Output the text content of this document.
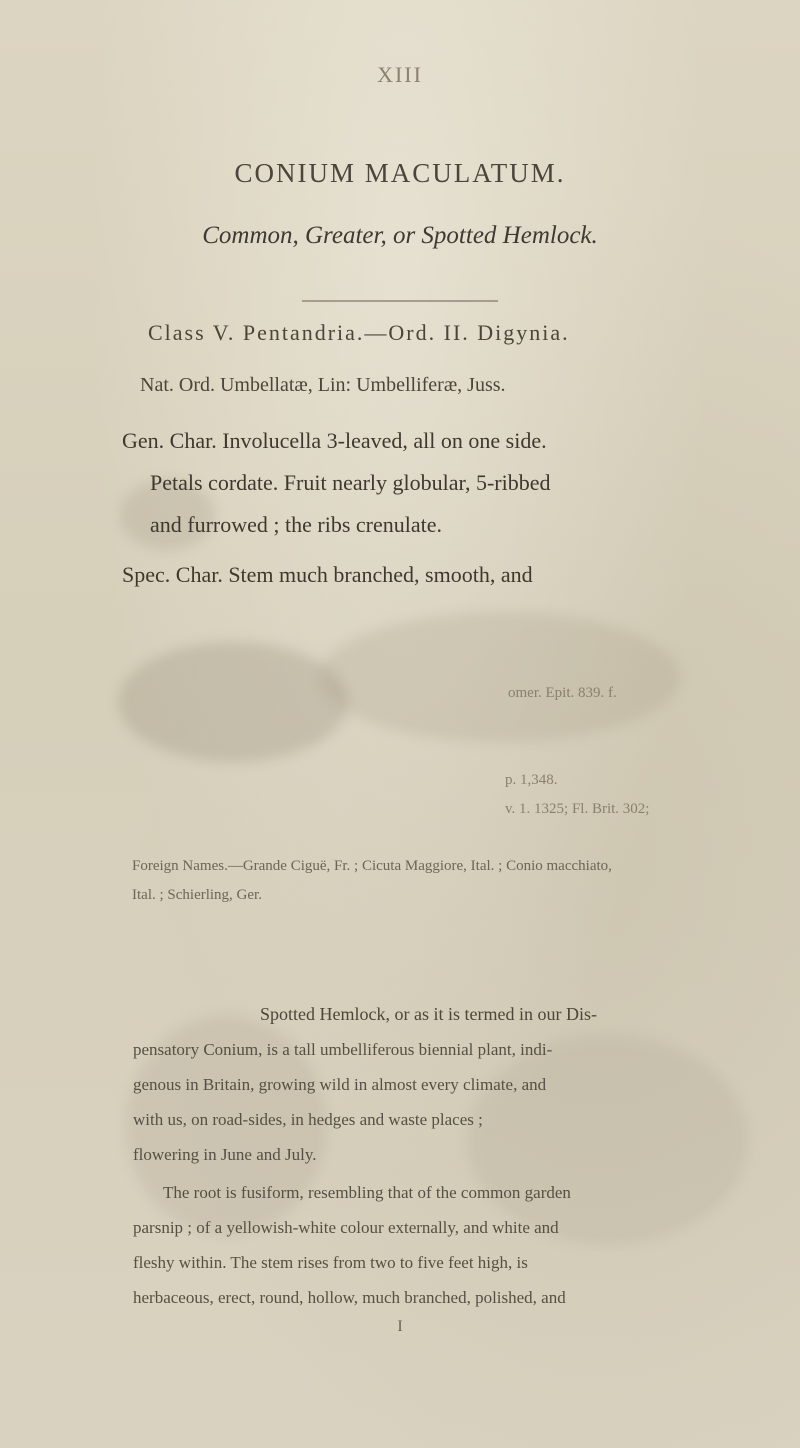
XIII
CONIUM MACULATUM.
Common, Greater, or Spotted Hemlock.
Class V. Pentandria.—Ord. II. Digynia.
Nat. Ord. Umbellatæ, Lin: Umbelliferæ, Juss.
Gen. Char. Involucella 3-leaved, all on one side.
Petals cordate. Fruit nearly globular, 5-ribbed
and furrowed ; the ribs crenulate.
Spec. Char. Stem much branched, smooth, and
omer. Epit. 839. f.
p. 1,348.
v. 1. 1325; Fl. Brit. 302;
Foreign Names.—Grande Ciguë, Fr. ; Cicuta Maggiore, Ital. ; Conio macchiato,
Ital. ; Schierling, Ger.
Spotted Hemlock, or as it is termed in our Dis-
pensatory Conium, is a tall umbelliferous biennial plant, indi-
genous in Britain, growing wild in almost every climate, and
with us, on road-sides, in hedges and waste places ;
flowering in June and July.
The root is fusiform, resembling that of the common garden
parsnip ; of a yellowish-white colour externally, and white and
fleshy within. The stem rises from two to five feet high, is
herbaceous, erect, round, hollow, much branched, polished, and
I
